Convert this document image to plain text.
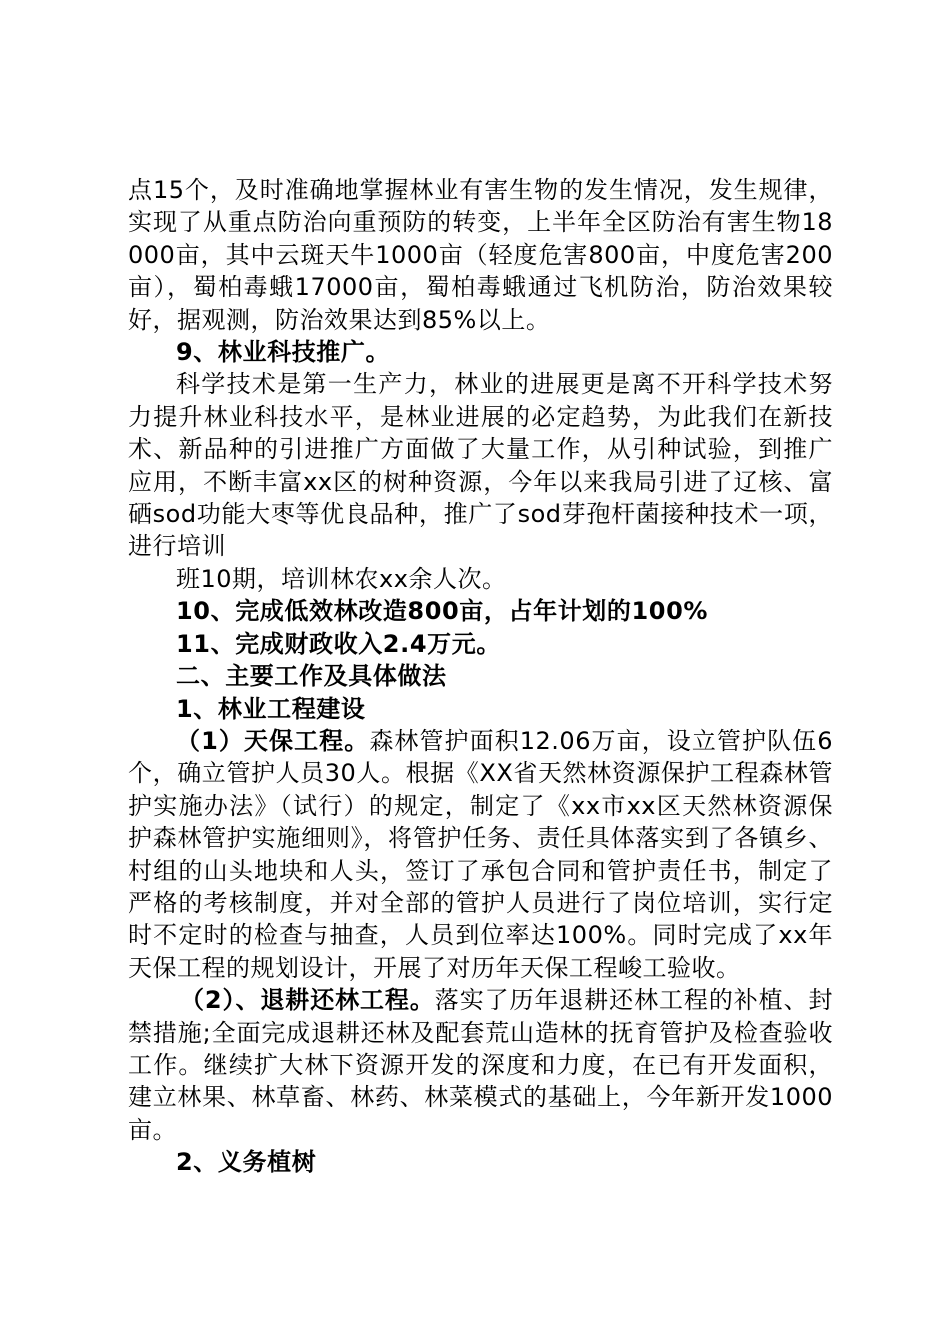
点15个，及时准确地掌握林业有害生物的发生情况，发生规律，实现了从重点防治向重预防的转变，上半年全区防治有害生物18000亩，其中云斑天牛1000亩（轻度危害800亩，中度危害200亩），蜀柏毒蛾17000亩，蜀柏毒蛾通过飞机防治，防治效果较好，据观测，防治效果达到85%以上。

9、林业科技推广。

科学技术是第一生产力，林业的进展更是离不开科学技术努力提升林业科技水平，是林业进展的必定趋势，为此我们在新技术、新品种的引进推广方面做了大量工作，从引种试验，到推广应用，不断丰富xx区的树种资源，今年以来我局引进了辽核、富硒sod功能大枣等优良品种，推广了sod芽孢杆菌接种技术一项，进行培训

班10期，培训林农xx余人次。

10、完成低效林改造800亩，占年计划的100%

11、完成财政收入2.4万元。

二、主要工作及具体做法

1、林业工程建设

（1）天保工程。森林管护面积12.06万亩，设立管护队伍6个，确立管护人员30人。根据《XX省天然林资源保护工程森林管护实施办法》（试行）的规定，制定了《xx市xx区天然林资源保护森林管护实施细则》，将管护任务、责任具体落实到了各镇乡、村组的山头地块和人头，签订了承包合同和管护责任书，制定了严格的考核制度，并对全部的管护人员进行了岗位培训，实行定时不定时的检查与抽查，人员到位率达100%。同时完成了xx年天保工程的规划设计，开展了对历年天保工程峻工验收。

（2）、退耕还林工程。落实了历年退耕还林工程的补植、封禁措施;全面完成退耕还林及配套荒山造林的抚育管护及检查验收工作。继续扩大林下资源开发的深度和力度，在已有开发面积，建立林果、林草畜、林药、林菜模式的基础上，今年新开发1000亩。

2、义务植树
